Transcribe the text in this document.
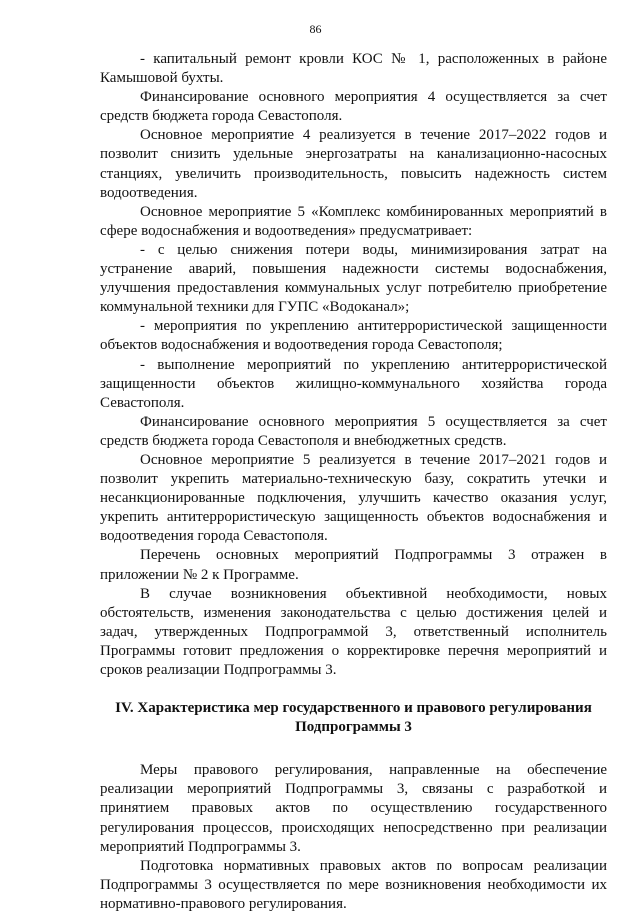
86

- капитальный ремонт кровли КОС № 1, расположенных в районе Камышовой бухты.

Финансирование основного мероприятия 4 осуществляется за счет средств бюджета города Севастополя.

Основное мероприятие 4 реализуется в течение 2017–2022 годов и позволит снизить удельные энергозатраты на канализационно-насосных станциях, увеличить производительность, повысить надежность систем водоотведения.

Основное мероприятие 5 «Комплекс комбинированных мероприятий в сфере водоснабжения и водоотведения» предусматривает:

- с целью снижения потери воды, минимизирования затрат на устранение аварий, повышения надежности системы водоснабжения, улучшения предоставления коммунальных услуг потребителю приобретение коммунальной техники для ГУПС «Водоканал»;

- мероприятия по укреплению антитеррористической защищенности объектов водоснабжения и водоотведения города Севастополя;

- выполнение мероприятий по укреплению антитеррористической защищенности объектов жилищно-коммунального хозяйства города Севастополя.

Финансирование основного мероприятия 5 осуществляется за счет средств бюджета города Севастополя и внебюджетных средств.

Основное мероприятие 5 реализуется в течение 2017–2021 годов и позволит укрепить материально-техническую базу, сократить утечки и несанкционированные подключения, улучшить качество оказания услуг, укрепить антитеррористическую защищенность объектов водоснабжения и водоотведения города Севастополя.

Перечень основных мероприятий Подпрограммы 3 отражен в приложении № 2 к Программе.

В случае возникновения объективной необходимости, новых обстоятельств, изменения законодательства с целью достижения целей и задач, утвержденных Подпрограммой 3, ответственный исполнитель Программы готовит предложения о корректировке перечня мероприятий и сроков реализации Подпрограммы 3.

IV. Характеристика мер государственного и правового регулирования
Подпрограммы 3

Меры правового регулирования, направленные на обеспечение реализации мероприятий Подпрограммы 3, связаны с разработкой и принятием правовых актов по осуществлению государственного регулирования процессов, происходящих непосредственно при реализации мероприятий Подпрограммы 3.

Подготовка нормативных правовых актов по вопросам реализации Подпрограммы 3 осуществляется по мере возникновения необходимости их нормативно-правового регулирования.
